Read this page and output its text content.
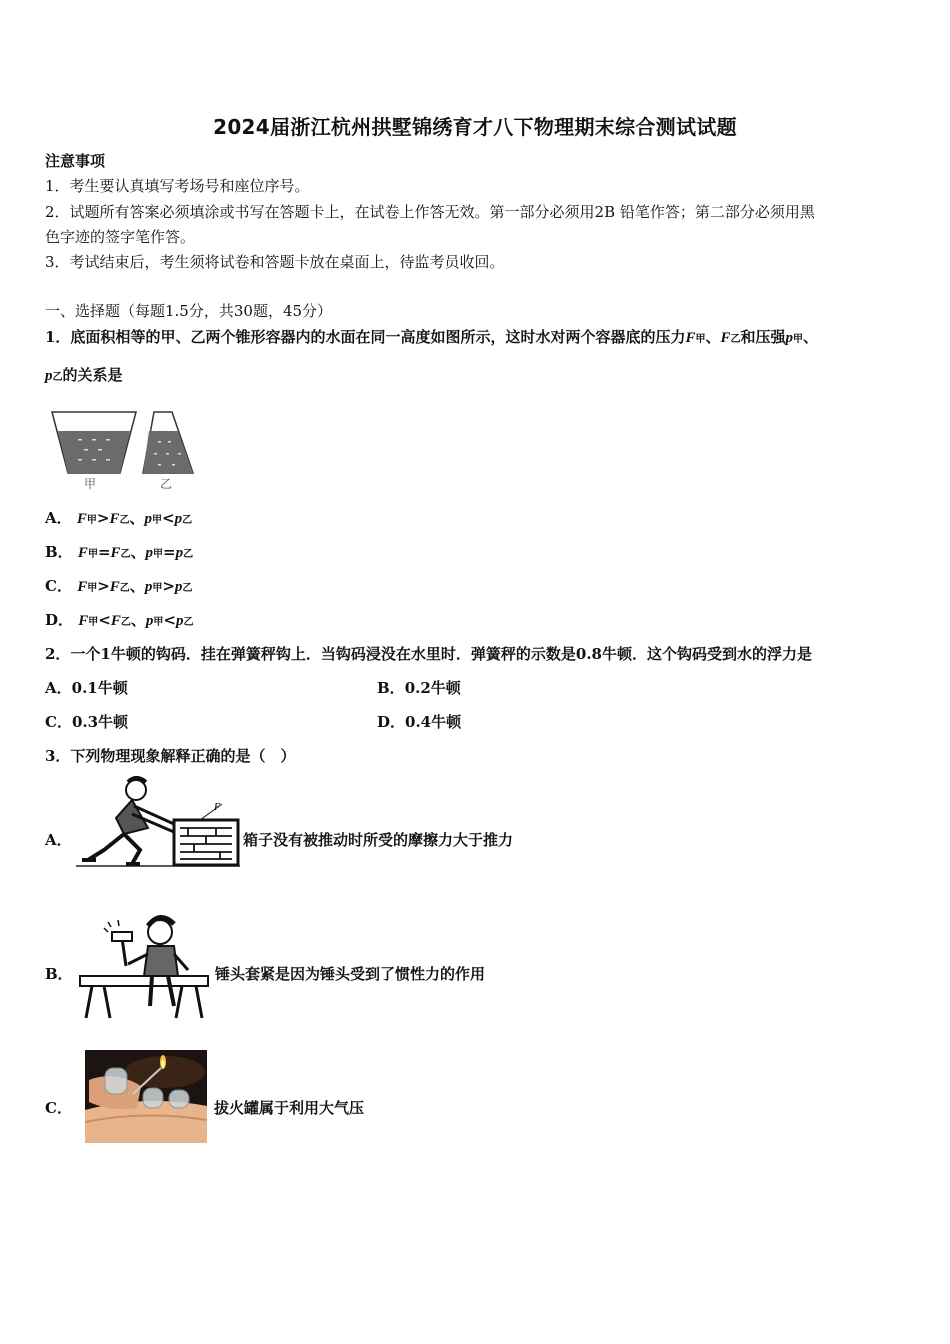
2024届浙江杭州拱墅锦绣育才八下物理期末综合测试试题
注意事项
1．考生要认真填写考场号和座位序号。
2．试题所有答案必须填涂或书写在答题卡上，在试卷上作答无效。第一部分必须用2B 铅笔作答；第二部分必须用黑
色字迹的签字笔作答。
3．考试结束后，考生须将试卷和答题卡放在桌面上，待监考员收回。
一、选择题（每题1.5分，共30题，45分）
1．底面积相等的甲、乙两个锥形容器内的水面在同一高度如图所示，这时水对两个容器底的压力F甲、F乙和压强p甲、
p乙的关系是
甲	乙
A． F甲>F乙、p甲<p乙
B． F甲=F乙、p甲=p乙
C． F甲>F乙、p甲>p乙
D． F甲<F乙、p甲<p乙
2．一个1牛顿的钩码．挂在弹簧秤钩上．当钩码浸没在水里时．弹簧秤的示数是0.8牛顿．这个钩码受到水的浮力是
A．0.1牛顿	B．0.2牛顿
C．0.3牛顿	D．0.4牛顿
3．下列物理现象解释正确的是（　）
A．
F
箱子没有被推动时所受的摩擦力大于推力
B．	锤头套紧是因为锤头受到了惯性力的作用
C．	拔火罐属于利用大气压
